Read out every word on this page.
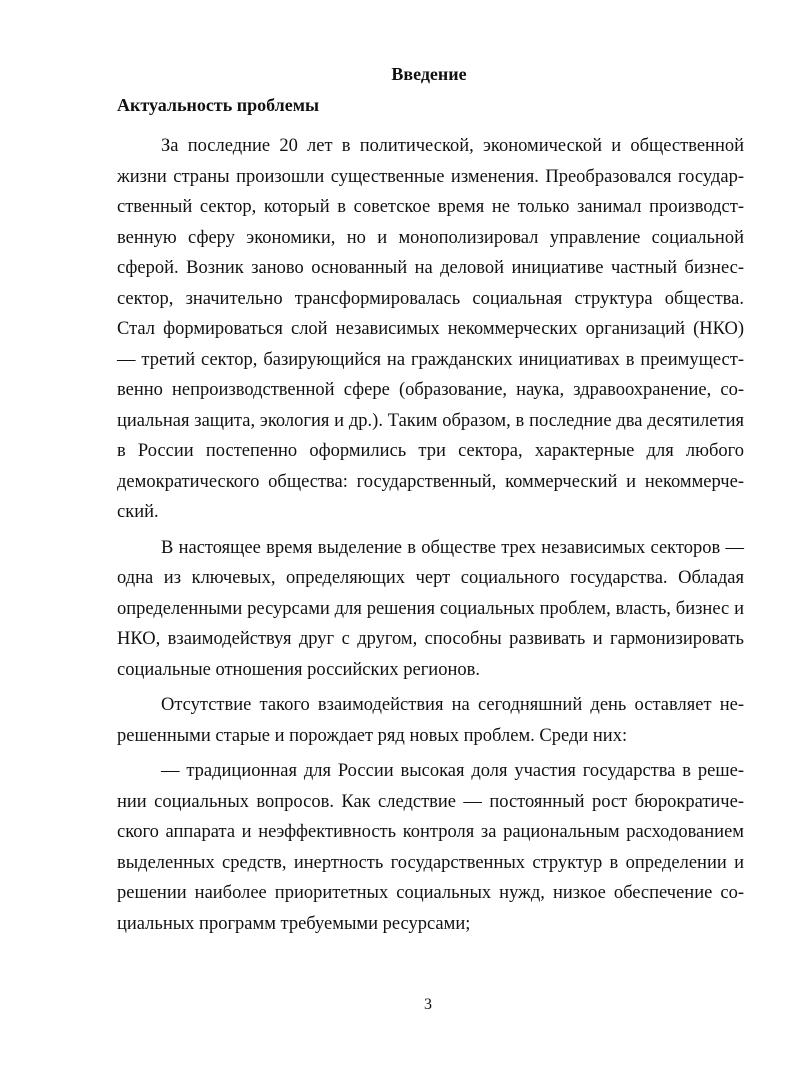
Введение
Актуальность проблемы

За последние 20 лет в политической, экономической и общественной жизни страны произошли существенные изменения. Преобразовался государственный сектор, который в советское время не только занимал производственную сферу экономики, но и монополизировал управление социальной сферой. Возник заново основанный на деловой инициативе частный бизнес-сектор, значительно трансформировалась социальная структура общества. Стал формироваться слой независимых некоммерческих организаций (НКО) — третий сектор, базирующийся на гражданских инициативах в преимущественно непроизводственной сфере (образование, наука, здравоохранение, социальная защита, экология и др.). Таким образом, в последние два десятилетия в России постепенно оформились три сектора, характерные для любого демократического общества: государственный, коммерческий и некоммерческий.

В настоящее время выделение в обществе трех независимых секторов — одна из ключевых, определяющих черт социального государства. Обладая определенными ресурсами для решения социальных проблем, власть, бизнес и НКО, взаимодействуя друг с другом, способны развивать и гармонизировать социальные отношения российских регионов.

Отсутствие такого взаимодействия на сегодняшний день оставляет нерешенными старые и порождает ряд новых проблем. Среди них:

— традиционная для России высокая доля участия государства в решении социальных вопросов. Как следствие — постоянный рост бюрократического аппарата и неэффективность контроля за рациональным расходованием выделенных средств, инертность государственных структур в определении и решении наиболее приоритетных социальных нужд, низкое обеспечение социальных программ требуемыми ресурсами;

3
